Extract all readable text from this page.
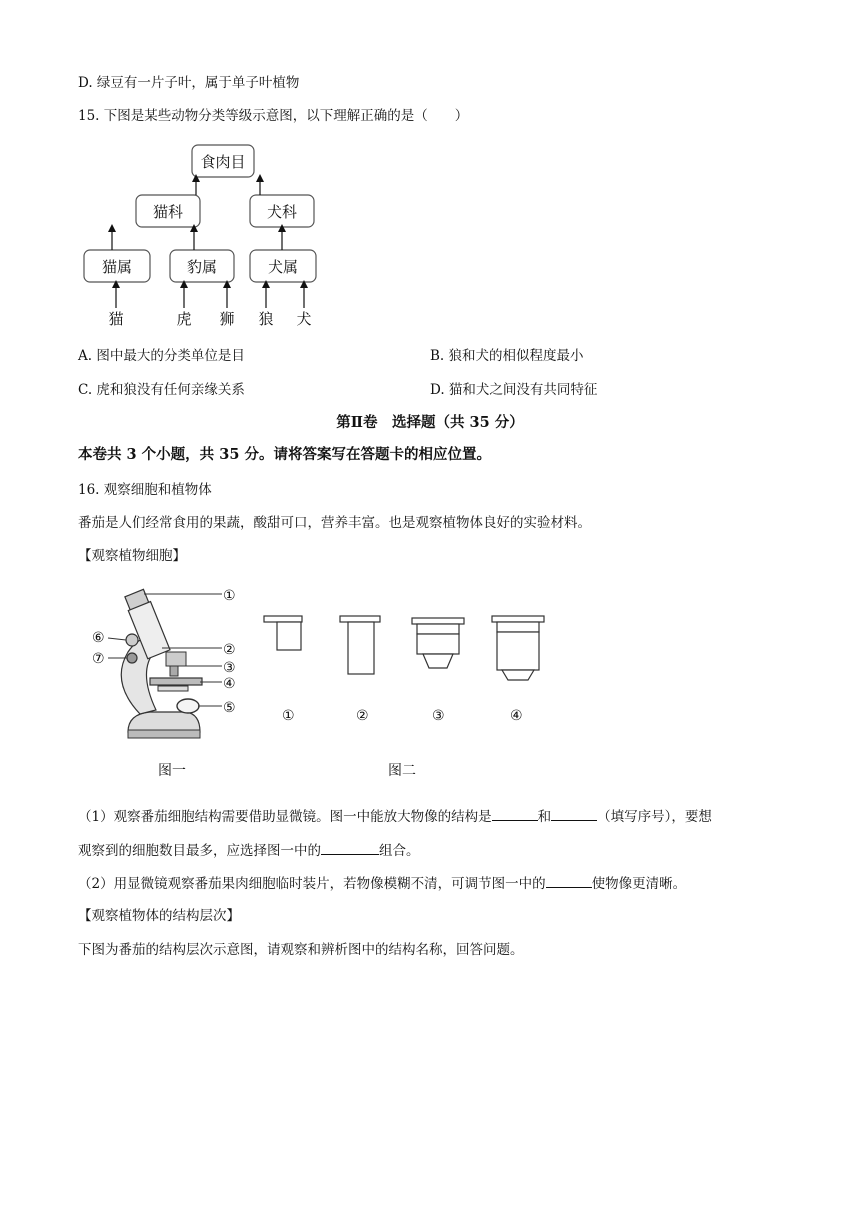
D. 绿豆有一片子叶，属于单子叶植物
15. 下图是某些动物分类等级示意图，以下理解正确的是（　　）
食肉目
猫科	犬科
猫属	豹属	犬属
猫	虎 狮 狼 犬
A. 图中最大的分类单位是目	B. 狼和犬的相似程度最小
C. 虎和狼没有任何亲缘关系	D. 猫和犬之间没有共同特征
第Ⅱ卷　选择题（共 35 分）
本卷共 3 个小题，共 35 分。请将答案写在答题卡的相应位置。
16. 观察细胞和植物体
番茄是人们经常食用的果蔬，酸甜可口，营养丰富。也是观察植物体良好的实验材料。
【观察植物细胞】
①
②
③
④
⑤
⑥
⑦
图一
①	②	③	④
图二
（1）观察番茄细胞结构需要借助显微镜。图一中能放大物像的结构是	和	（填写序号），要想
观察到的细胞数目最多，应选择图一中的	组合。
（2）用显微镜观察番茄果肉细胞临时装片，若物像模糊不清，可调节图一中的	使物像更清晰。
【观察植物体的结构层次】
下图为番茄的结构层次示意图，请观察和辨析图中的结构名称，回答问题。
